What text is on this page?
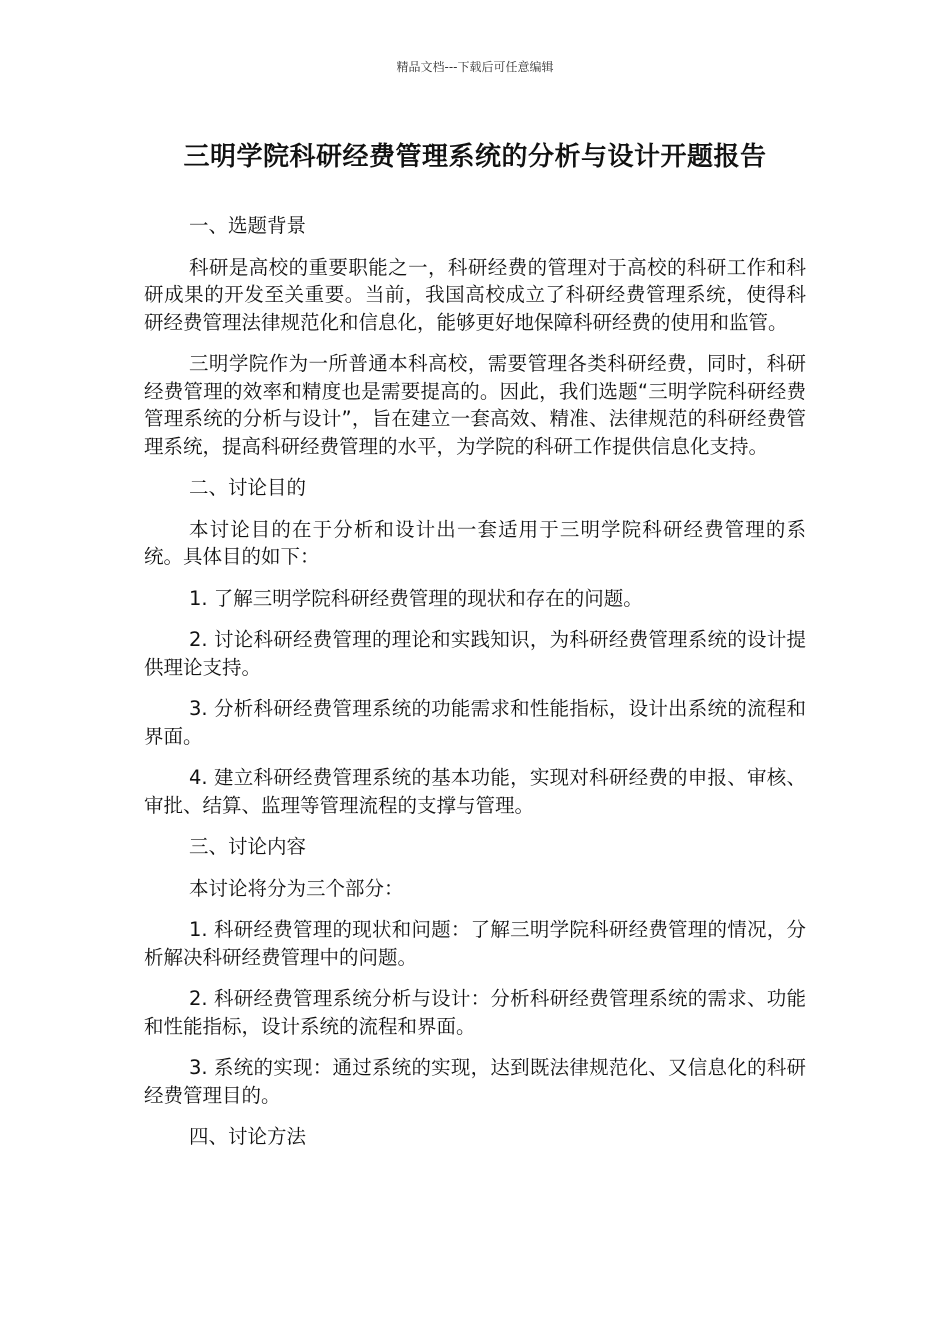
精品文档---下载后可任意编辑
三明学院科研经费管理系统的分析与设计开题报告
一、选题背景
科研是高校的重要职能之一，科研经费的管理对于高校的科研工作和科研成果的开发至关重要。当前，我国高校成立了科研经费管理系统，使得科研经费管理法律规范化和信息化，能够更好地保障科研经费的使用和监管。
三明学院作为一所普通本科高校，需要管理各类科研经费，同时，科研经费管理的效率和精度也是需要提高的。因此，我们选题“三明学院科研经费管理系统的分析与设计”，旨在建立一套高效、精准、法律规范的科研经费管理系统，提高科研经费管理的水平，为学院的科研工作提供信息化支持。
二、讨论目的
本讨论目的在于分析和设计出一套适用于三明学院科研经费管理的系统。具体目的如下：
1. 了解三明学院科研经费管理的现状和存在的问题。
2. 讨论科研经费管理的理论和实践知识，为科研经费管理系统的设计提供理论支持。
3. 分析科研经费管理系统的功能需求和性能指标，设计出系统的流程和界面。
4. 建立科研经费管理系统的基本功能，实现对科研经费的申报、审核、审批、结算、监理等管理流程的支撑与管理。
三、讨论内容
本讨论将分为三个部分：
1. 科研经费管理的现状和问题：了解三明学院科研经费管理的情况，分析解决科研经费管理中的问题。
2. 科研经费管理系统分析与设计：分析科研经费管理系统的需求、功能和性能指标，设计系统的流程和界面。
3. 系统的实现：通过系统的实现，达到既法律规范化、又信息化的科研经费管理目的。
四、讨论方法
